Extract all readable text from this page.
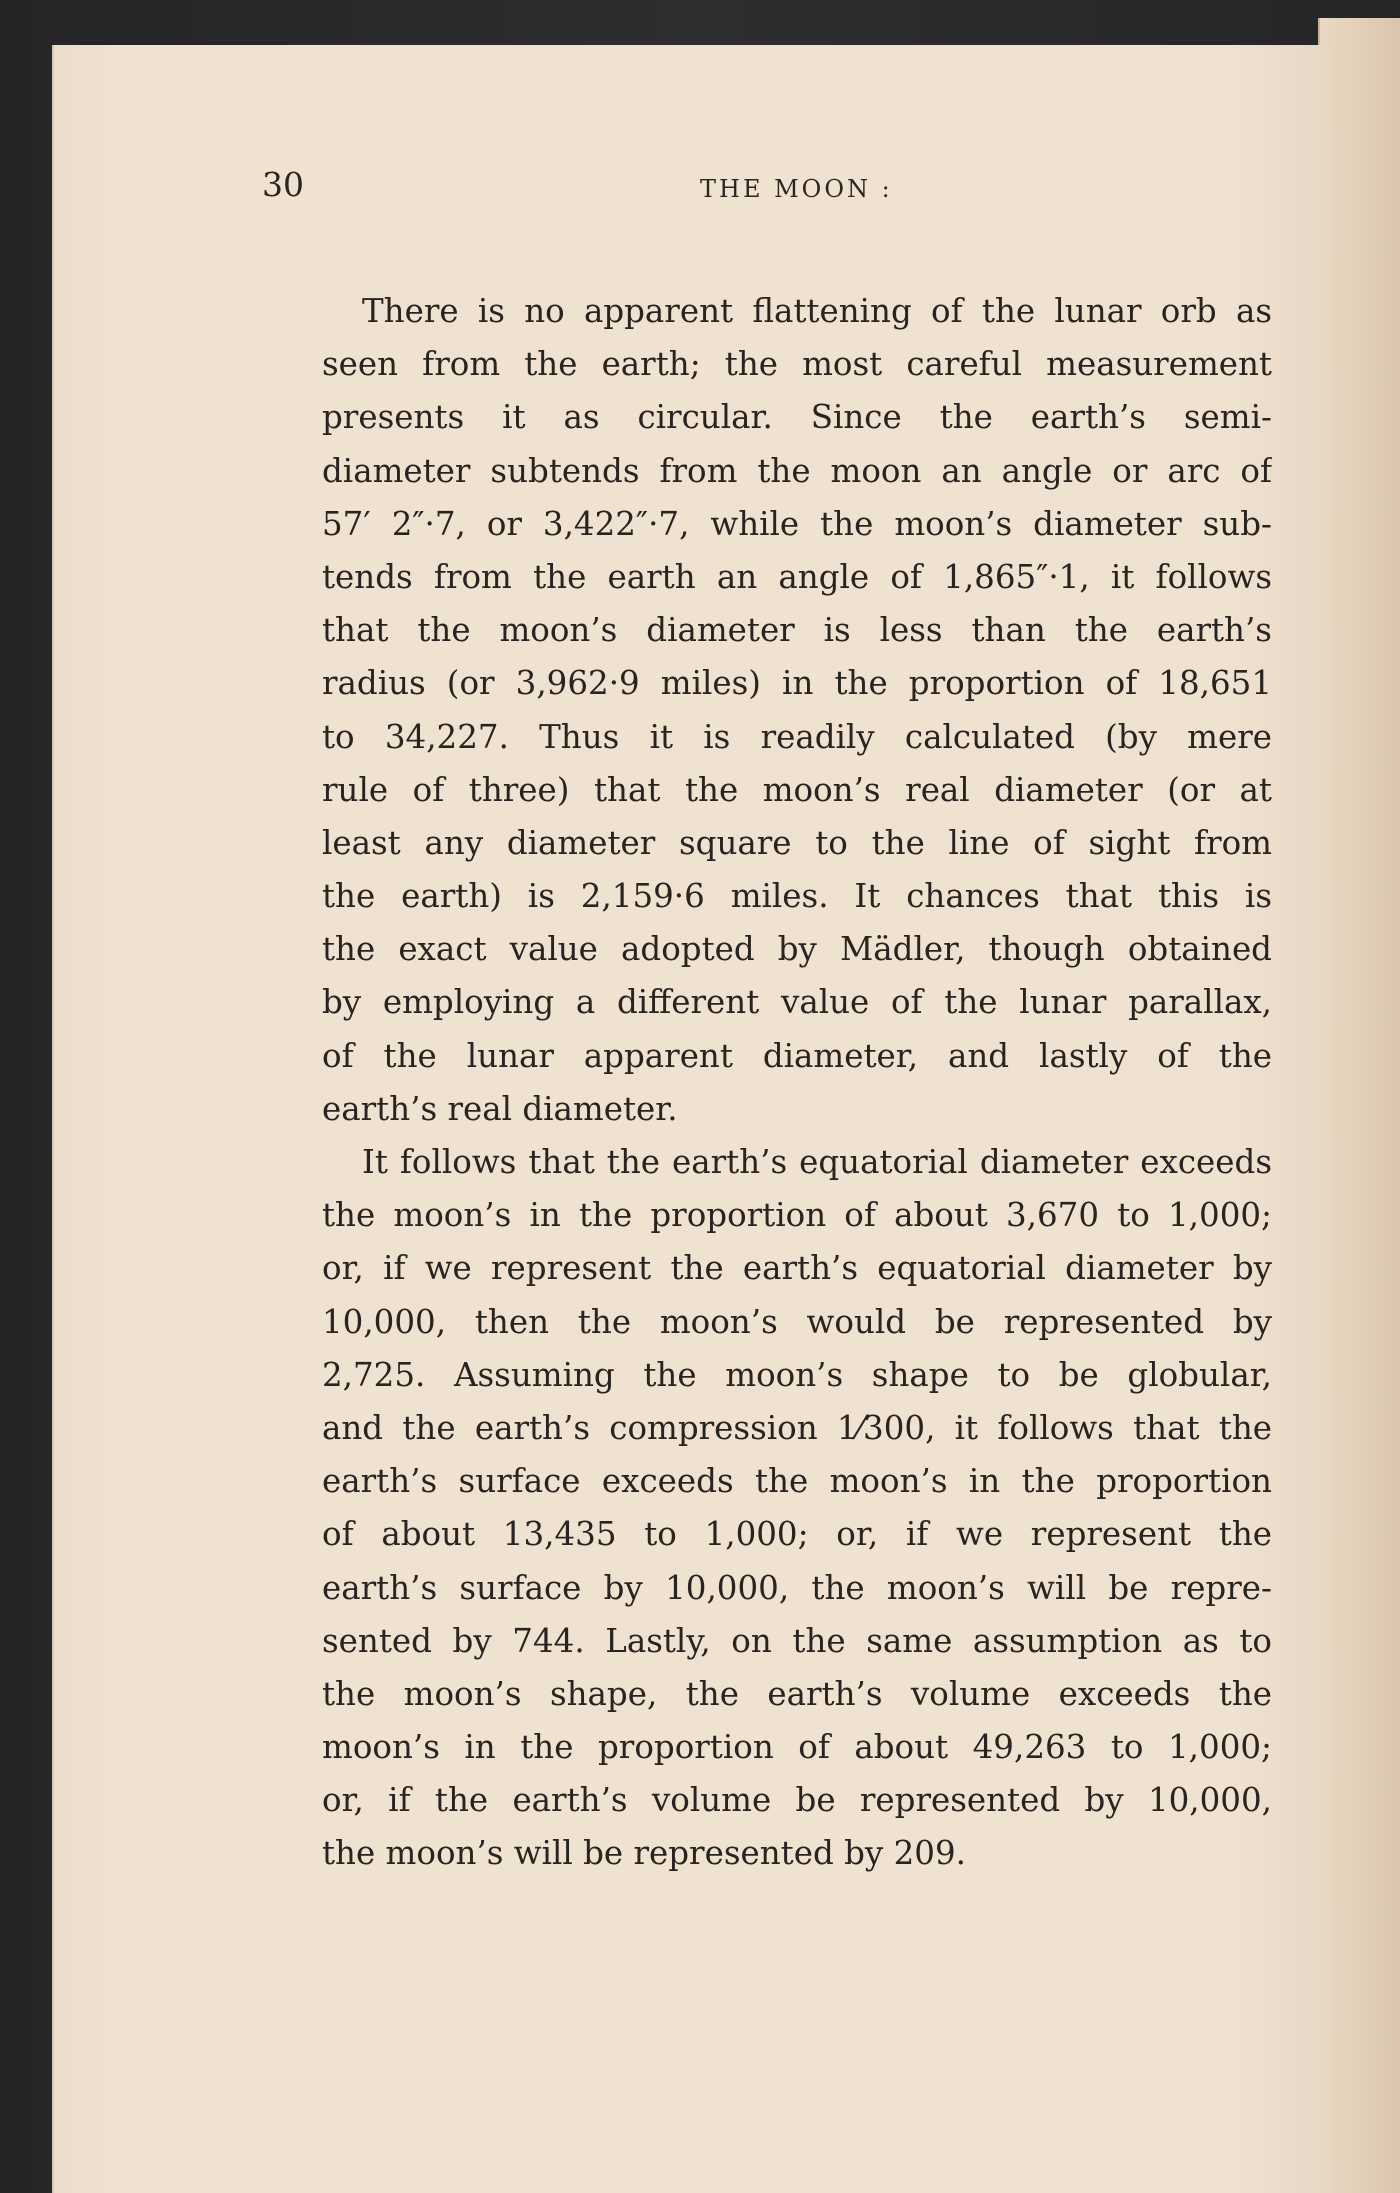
30	THE MOON :
There is no apparent flattening of the lunar orb as
seen from the earth; the most careful measurement
presents it as circular. Since the earth’s semi-
diameter subtends from the moon an angle or arc of
57′ 2″·7, or 3,422″·7, while the moon’s diameter sub-
tends from the earth an angle of 1,865″·1, it follows
that the moon’s diameter is less than the earth’s
radius (or 3,962·9 miles) in the proportion of 18,651
to 34,227. Thus it is readily calculated (by mere
rule of three) that the moon’s real diameter (or at
least any diameter square to the line of sight from
the earth) is 2,159·6 miles. It chances that this is
the exact value adopted by Mädler, though obtained
by employing a different value of the lunar parallax,
of the lunar apparent diameter, and lastly of the
earth’s real diameter.
It follows that the earth’s equatorial diameter exceeds
the moon’s in the proportion of about 3,670 to 1,000;
or, if we represent the earth’s equatorial diameter by
10,000, then the moon’s would be represented by
2,725. Assuming the moon’s shape to be globular,
and the earth’s compression 1⁄300, it follows that the
earth’s surface exceeds the moon’s in the proportion
of about 13,435 to 1,000; or, if we represent the
earth’s surface by 10,000, the moon’s will be repre-
sented by 744. Lastly, on the same assumption as to
the moon’s shape, the earth’s volume exceeds the
moon’s in the proportion of about 49,263 to 1,000;
or, if the earth’s volume be represented by 10,000,
the moon’s will be represented by 209.
